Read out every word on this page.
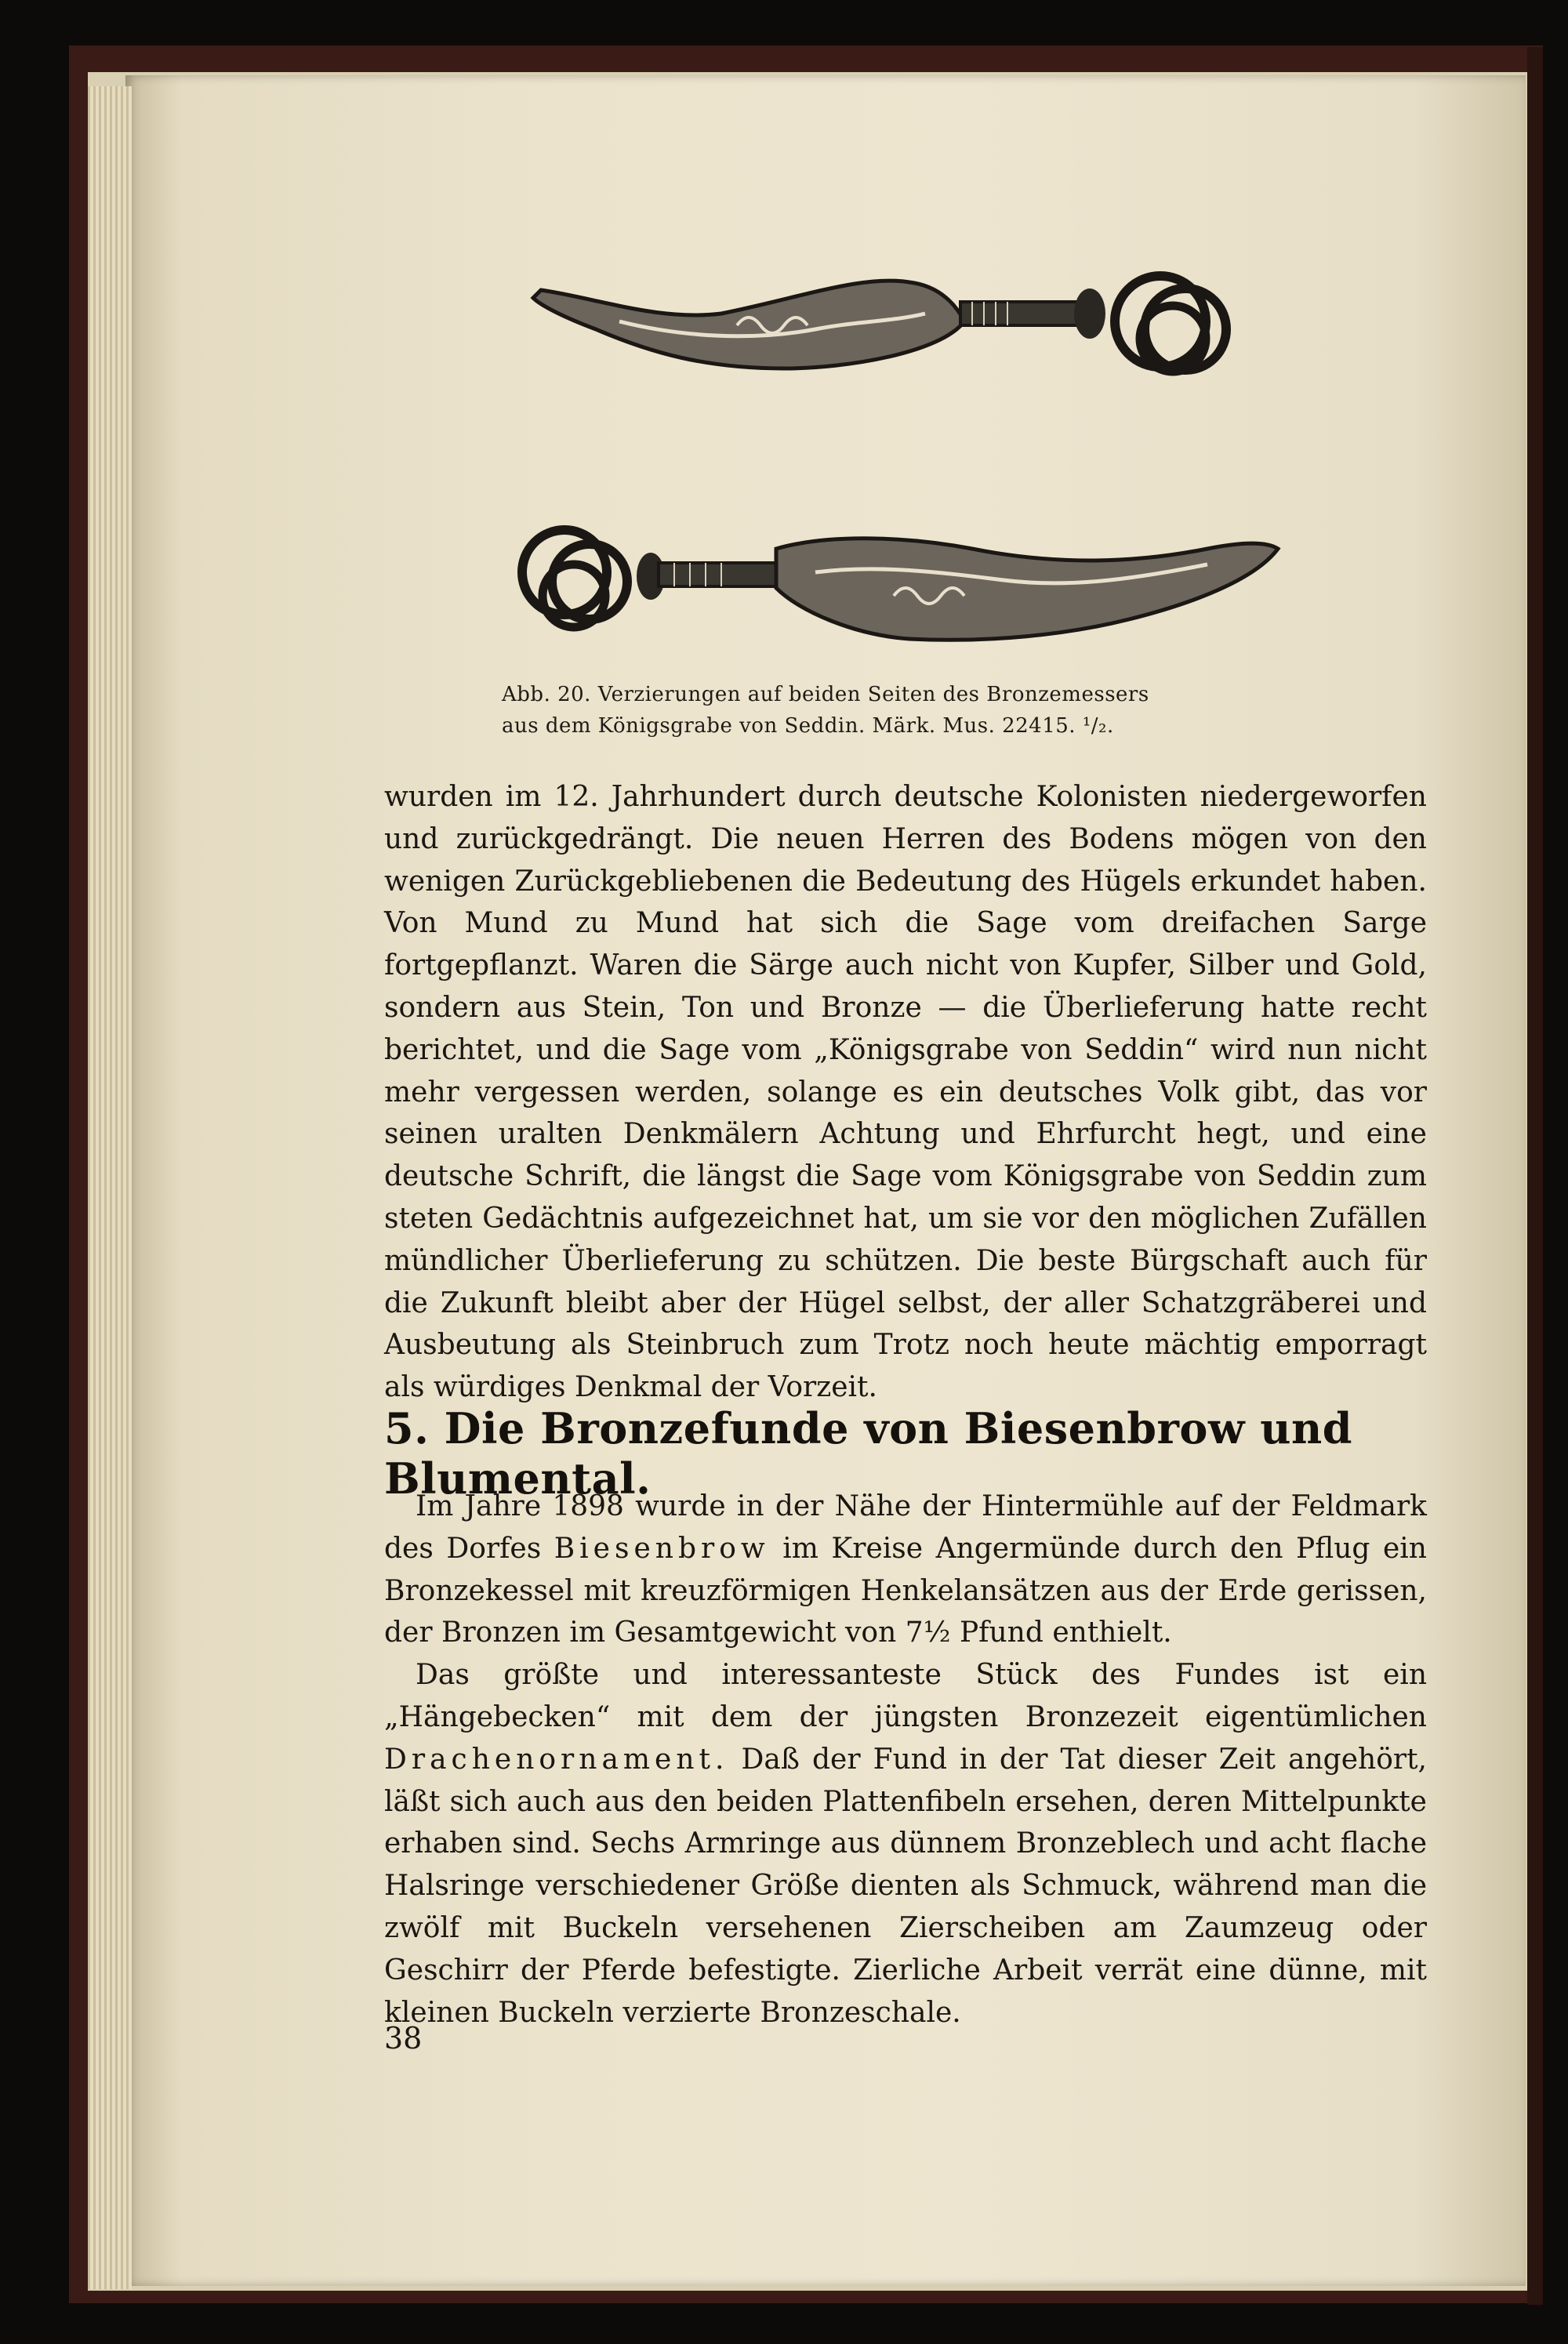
Abb. 20. Verzierungen auf beiden Seiten des Bronzemessers

aus dem Königsgrabe von Seddin. Märk. Mus. 22415. ¹/₂.

wurden im 12. Jahrhundert durch deutsche Kolonisten niedergeworfen und zurückgedrängt. Die neuen Herren des Bodens mögen von den wenigen Zurückgebliebenen die Bedeutung des Hügels erkundet haben. Von Mund zu Mund hat sich die Sage vom dreifachen Sarge fortgepflanzt. Waren die Särge auch nicht von Kupfer, Silber und Gold, sondern aus Stein, Ton und Bronze — die Überlieferung hatte recht berichtet, und die Sage vom „Königsgrabe von Seddin“ wird nun nicht mehr vergessen werden, solange es ein deutsches Volk gibt, das vor seinen uralten Denkmälern Achtung und Ehrfurcht hegt, und eine deutsche Schrift, die längst die Sage vom Königsgrabe von Seddin zum steten Gedächtnis aufgezeichnet hat, um sie vor den möglichen Zufällen mündlicher Überlieferung zu schützen. Die beste Bürgschaft auch für die Zukunft bleibt aber der Hügel selbst, der aller Schatzgräberei und Ausbeutung als Steinbruch zum Trotz noch heute mächtig emporragt als würdiges Denkmal der Vorzeit.

5. Die Bronzefunde von Biesenbrow und Blumental.

Im Jahre 1898 wurde in der Nähe der Hintermühle auf der Feldmark des Dorfes Biesenbrow im Kreise Angermünde durch den Pflug ein Bronzekessel mit kreuzförmigen Henkelansätzen aus der Erde gerissen, der Bronzen im Gesamtgewicht von 7½ Pfund enthielt.

Das größte und interessanteste Stück des Fundes ist ein „Hängebecken“ mit dem der jüngsten Bronzezeit eigentümlichen Drachenornament. Daß der Fund in der Tat dieser Zeit angehört, läßt sich auch aus den beiden Plattenfibeln ersehen, deren Mittelpunkte erhaben sind. Sechs Armringe aus dünnem Bronzeblech und acht flache Halsringe verschiedener Größe dienten als Schmuck, während man die zwölf mit Buckeln versehenen Zierscheiben am Zaumzeug oder Geschirr der Pferde befestigte. Zierliche Arbeit verrät eine dünne, mit kleinen Buckeln verzierte Bronzeschale.

38
